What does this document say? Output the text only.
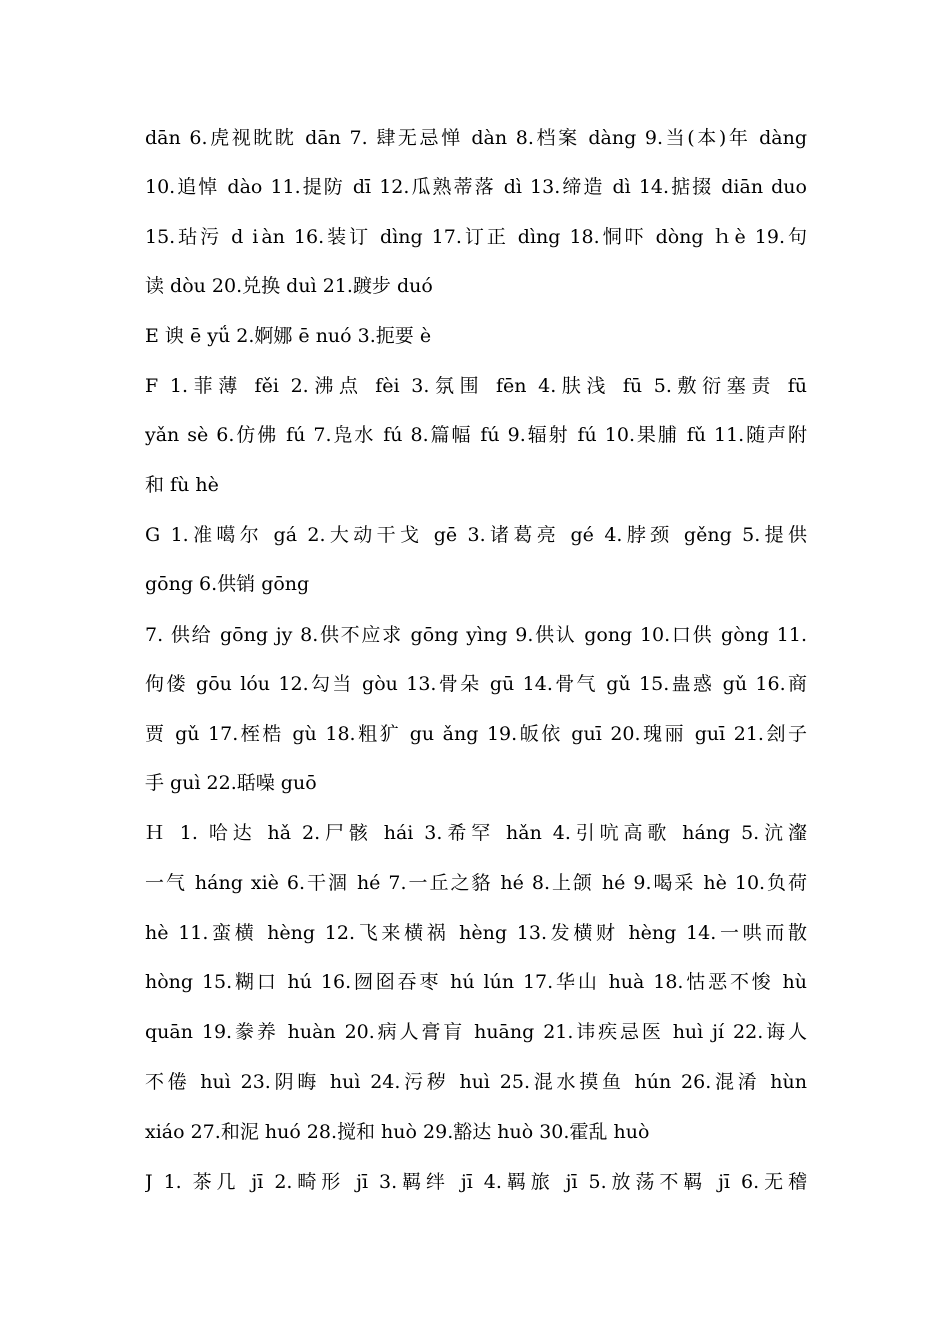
dān 6.虎视眈眈 dān 7. 肆无忌惮 dàn 8.档案 dàng 9.当(本)年 dàng
10.追悼 dào 11.提防 dī 12.瓜熟蒂落 dì 13.缔造 dì 14.掂掇 diān duo
15.玷污 d ⅰàn 16.装订 dìng 17.订正 dìng 18.恫吓 dòng ｈè 19.句
读 dòu 20.兑换 duì 21.踱步 duó
E 谀 ē yǘ 2.婀娜 ē nuó 3.扼要 è
F 1.菲薄 fěi 2.沸点 fèi 3.氛围 fēn 4.肤浅 fū 5.敷衍塞责 fū
yǎn sè 6.仿佛 fú 7.凫水 fú 8.篇幅 fú 9.辐射 fú 10.果脯 fǔ 11.随声附
和 fù hè
G 1.准噶尔 gá 2.大动干戈 gē 3.诸葛亮 gé 4.脖颈 gěng 5.提供
gōng 6.供销 gōng
7. 供给 gōng jy 8.供不应求 gōng yìng 9.供认 gong 10.口供 gòng 11.
佝偻 gōu lóu 12.勾当 gòu 13.骨朵 gū 14.骨气 gǔ 15.蛊惑 gǔ 16.商
贾 gǔ 17.桎梏 gù 18.粗犷 gu ǎng 19.皈依 guī 20.瑰丽 guī 21.刽子
手 guì 22.聒噪 guō
Ｈ 1. 哈达 hǎ 2.尸骸 hái 3.希罕 hǎn 4.引吭高歌 háng 5.沆瀣
一气 háng xiè 6.干涸 hé 7.一丘之貉 hé 8.上颌 hé 9.喝采 hè 10.负荷
hè 11.蛮横 hèng 12.飞来横祸 hèng 13.发横财 hèng 14.一哄而散
hòng 15.糊口 hú 16.囫囵吞枣 hú lún 17.华山 huà 18.怙恶不悛 hù
quān 19.豢养 huàn 20.病人膏肓 huāng 21.讳疾忌医 huì jí 22.诲人
不倦 huì 23.阴晦 huì 24.污秽 huì 25.混水摸鱼 hún 26.混淆 hùn
xiáo 27.和泥 huó 28.搅和 huò 29.豁达 huò 30.霍乱 huò
J 1. 茶几 jī 2.畸形 jī 3.羁绊 jī 4.羁旅 jī 5.放荡不羁 jī 6.无稽
